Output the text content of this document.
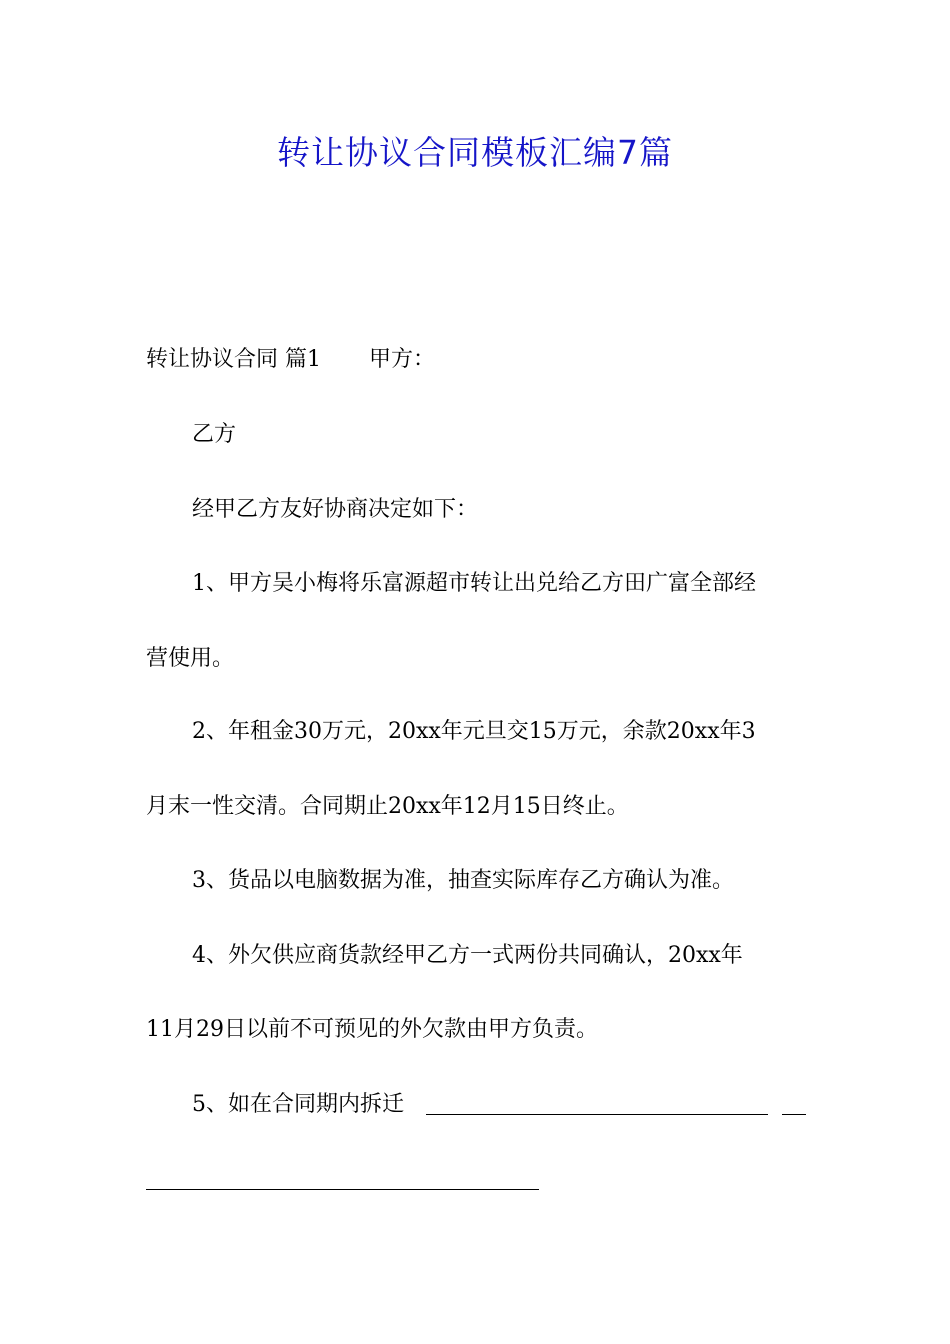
转让协议合同模板汇编7篇
转让协议合同 篇1 甲方：
乙方
经甲乙方友好协商决定如下：
1、甲方吴小梅将乐富源超市转让出兑给乙方田广富全部经
营使用。
2、年租金30万元，20xx年元旦交15万元，余款20xx年3
月末一性交清。合同期止20xx年12月15日终止。
3、货品以电脑数据为准，抽查实际库存乙方确认为准。
4、外欠供应商货款经甲乙方一式两份共同确认，20xx年
11月29日以前不可预见的外欠款由甲方负责。
5、如在合同期内拆迁
